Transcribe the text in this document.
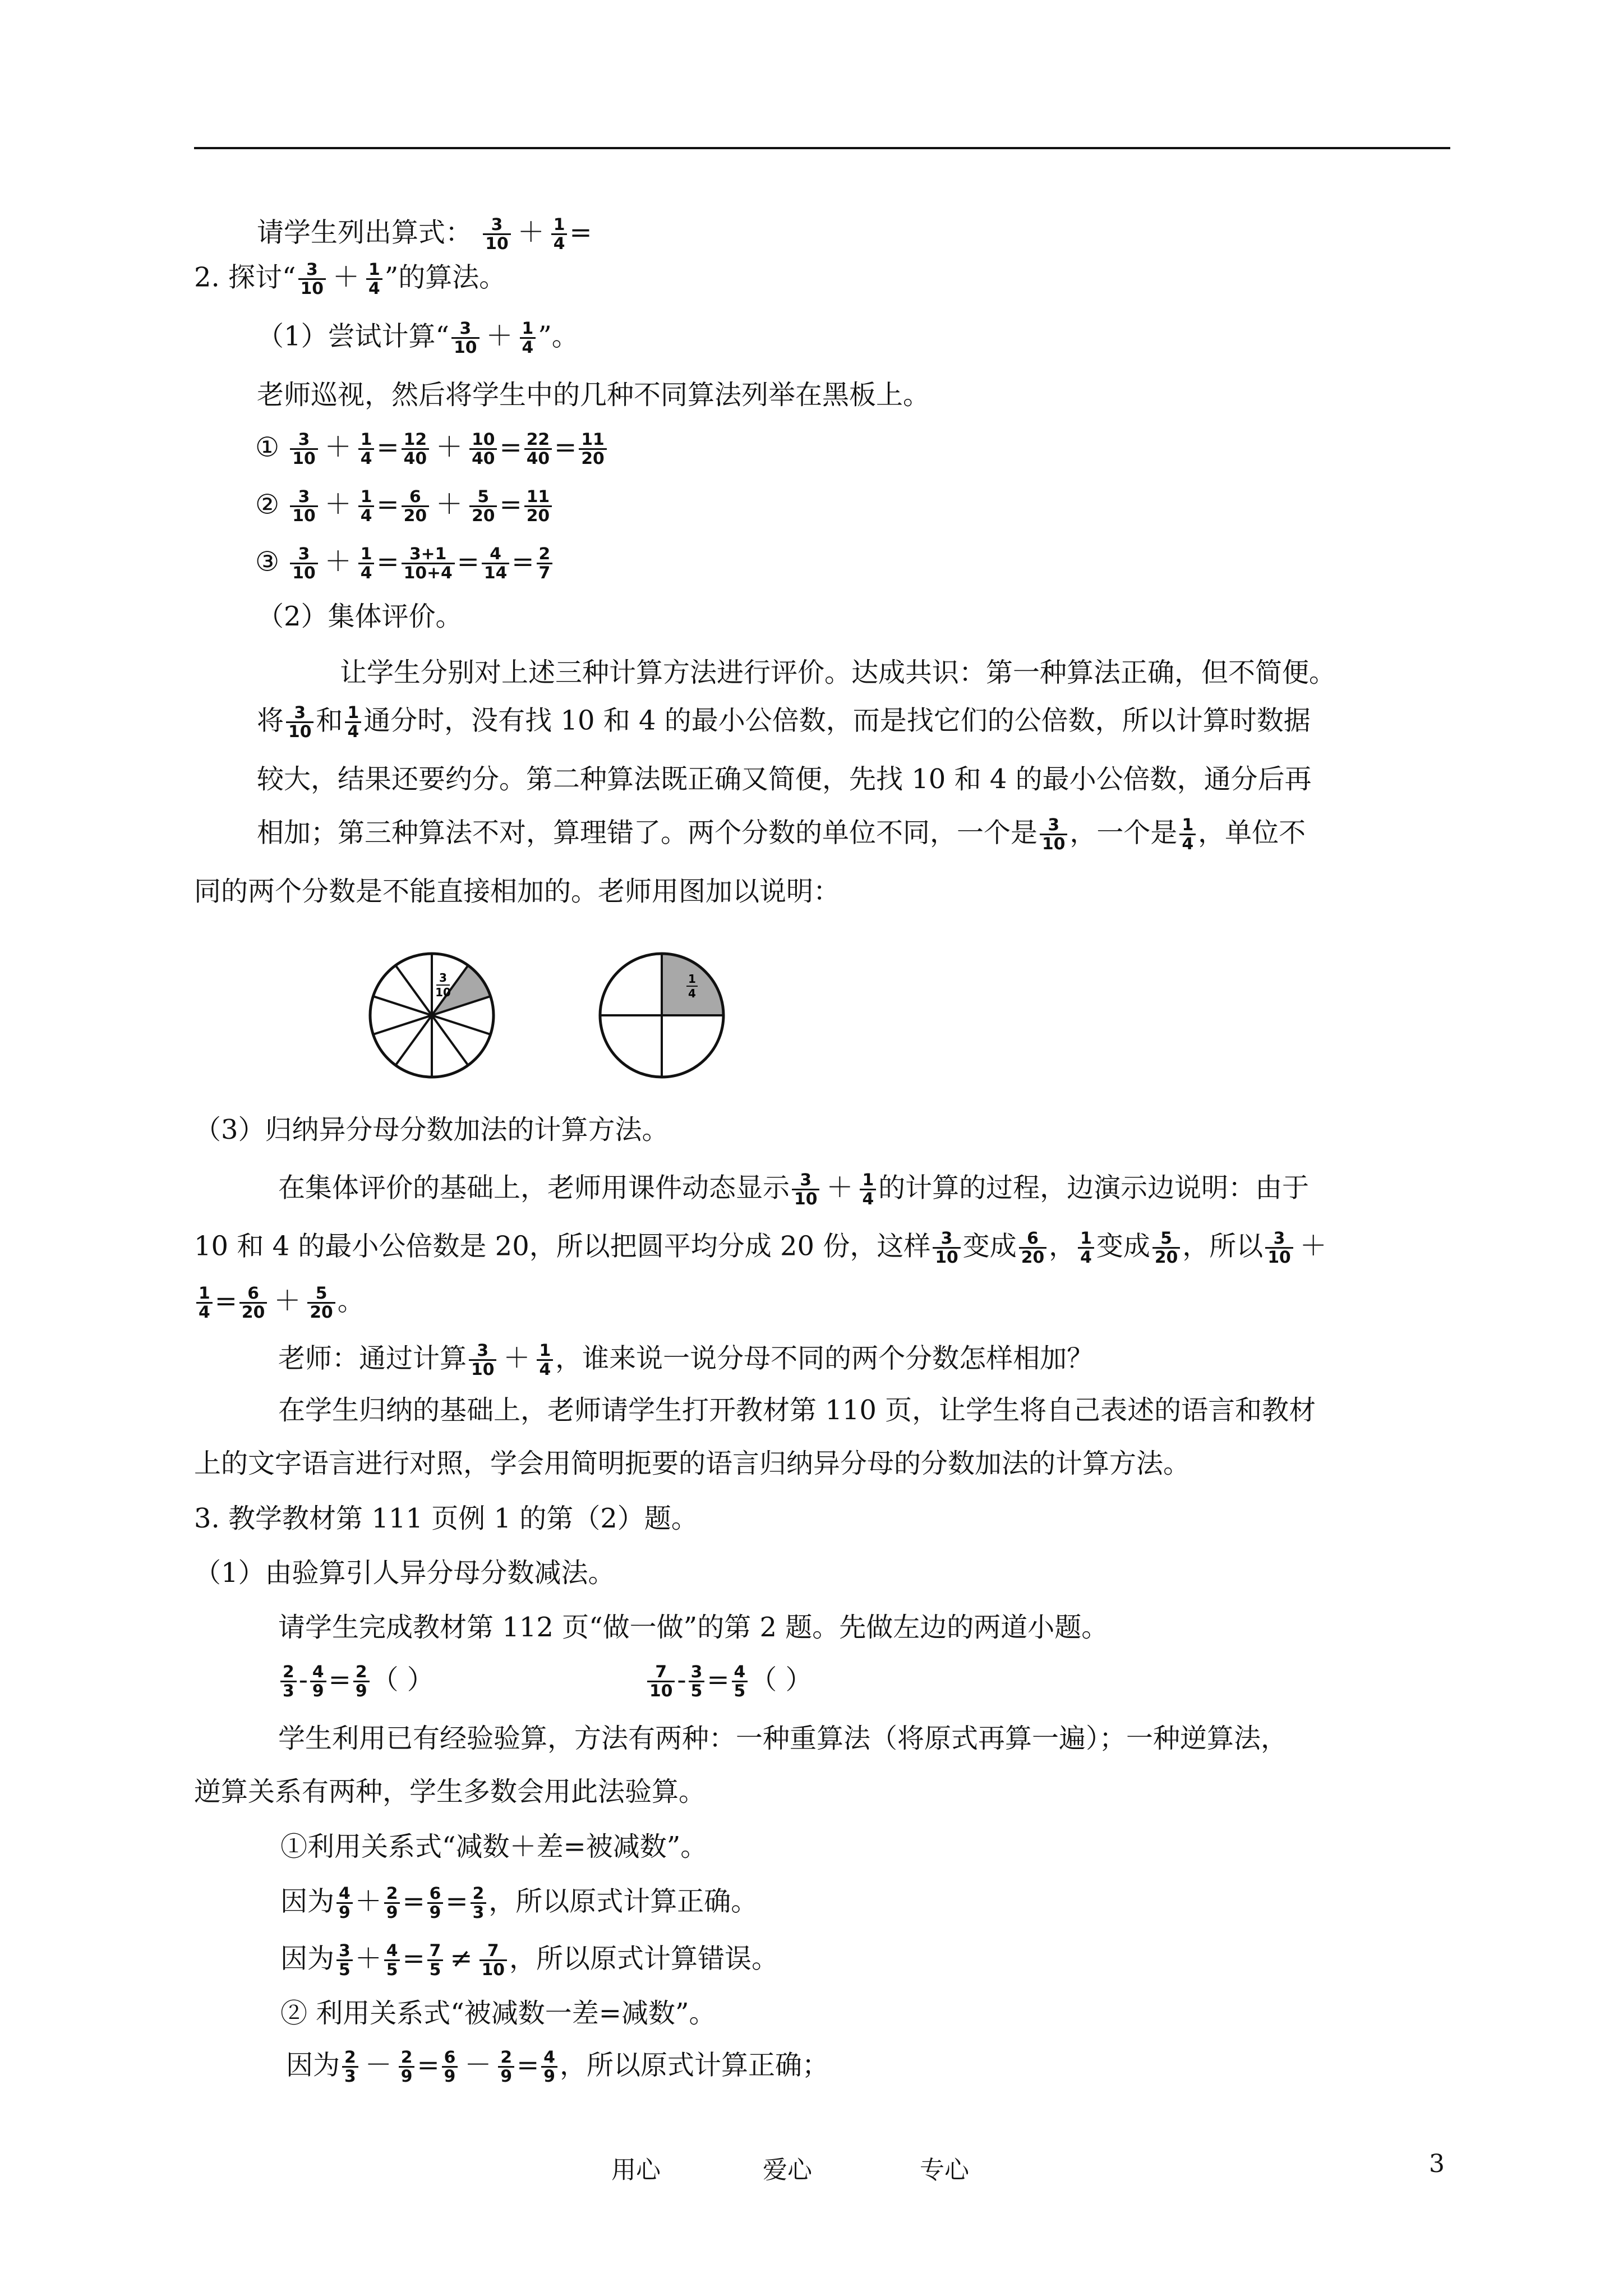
请学生列出算式： $\frac{3}{10} + \frac{1}{4}$ =
2. 探讨“ $\frac{3}{10} + \frac{1}{4}$ ”的算法。
（1）尝试计算“ $\frac{3}{10} + \frac{1}{4}$ ”。
老师巡视，然后将学生中的几种不同算法列举在黑板上。
① $\frac{3}{10} + \frac{1}{4} = \frac{12}{40} + \frac{10}{40} = \frac{22}{40} = \frac{11}{20}$
② $\frac{3}{10} + \frac{1}{4} = \frac{6}{20} + \frac{5}{20} = \frac{11}{20}$
③ $\frac{3}{10} + \frac{1}{4} = \frac{3+1}{10+4} = \frac{4}{14} = \frac{2}{7}$
（2）集体评价。
让学生分别对上述三种计算方法进行评价。达成共识：第一种算法正确，但不简便。
将 $\frac{3}{10}$ 和 $\frac{1}{4}$ 通分时，没有找 10 和 4 的最小公倍数，而是找它们的公倍数，所以计算时数据
较大，结果还要约分。第二种算法既正确又简便，先找 10 和 4 的最小公倍数，通分后再
相加；第三种算法不对，算理错了。两个分数的单位不同，一个是 $\frac{3}{10}$ ，一个是 $\frac{1}{4}$ ，单位不
同的两个分数是不能直接相加的。老师用图加以说明：
3
10
1
4
（3）归纳异分母分数加法的计算方法。
在集体评价的基础上，老师用课件动态显示 $\frac{3}{10} + \frac{1}{4}$ 的计算的过程，边演示边说明：由于
10 和 4 的最小公倍数是 20，所以把圆平均分成 20 份，这样 $\frac{3}{10}$ 变成 $\frac{6}{20}$ ， $\frac{1}{4}$ 变成 $\frac{5}{20}$ ，所以 $\frac{3}{10}$ ＋
$\frac{1}{4} = \frac{6}{20} + \frac{5}{20}$ 。
老师：通过计算 $\frac{3}{10} + \frac{1}{4}$ ，谁来说一说分母不同的两个分数怎样相加？
在学生归纳的基础上，老师请学生打开教材第 110 页，让学生将自己表述的语言和教材
上的文字语言进行对照，学会用简明扼要的语言归纳异分母的分数加法的计算方法。
3. 教学教材第 111 页例 1 的第（2）题。
（1）由验算引人异分母分数减法。
请学生完成教材第 112 页“做一做”的第 2 题。先做左边的两道小题。
$\frac{2}{3} - \frac{4}{9} = \frac{2}{9}$ （ ）	$\frac{7}{10} - \frac{3}{5} = \frac{4}{5}$ （ ）
学生利用已有经验验算，方法有两种：一种重算法（将原式再算一遍）；一种逆算法，
逆算关系有两种，学生多数会用此法验算。
①利用关系式“减数＋差=被减数”。
因为 $\frac{4}{9} + \frac{2}{9} = \frac{6}{9} = \frac{2}{3}$ ，所以原式计算正确。
因为 $\frac{3}{5} + \frac{4}{5} = \frac{7}{5} \ne \frac{7}{10}$ ，所以原式计算错误。
② 利用关系式“被减数一差=减数”。
因为 $\frac{2}{3} - \frac{2}{9} = \frac{6}{9} - \frac{2}{9} = \frac{4}{9}$ ，所以原式计算正确；
用心	爱心	专心	3
